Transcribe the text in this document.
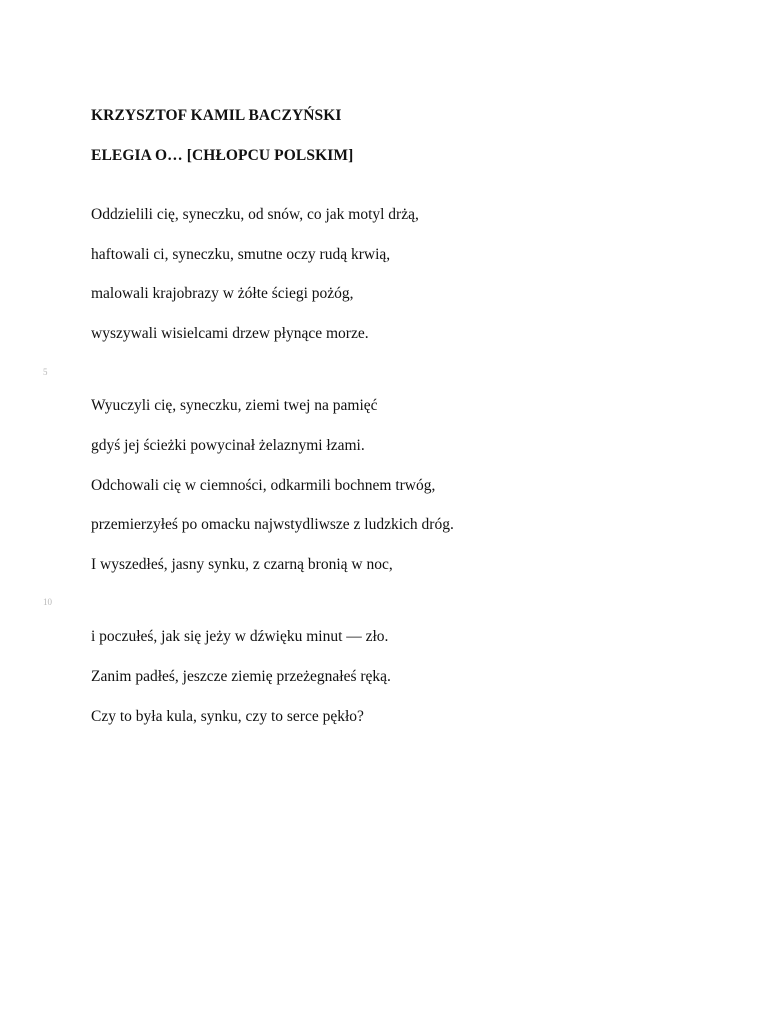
KRZYSZTOF KAMIL BACZYŃSKI
ELEGIA O… [CHŁOPCU POLSKIM]
Oddzielili cię, syneczku, od snów, co jak motyl drżą,
haftowali ci, syneczku, smutne oczy rudą krwią,
malowali krajobrazy w żółte ściegi pożóg,
wyszywali wisielcami drzew płynące morze.
5
Wyuczyli cię, syneczku, ziemi twej na pamięć
gdyś jej ścieżki powycinał żelaznymi łzami.
Odchowali cię w ciemności, odkarmili bochnem trwóg,
przemierzyłeś po omacku najwstydliwsze z ludzkich dróg.
I wyszedłeś, jasny synku, z czarną bronią w noc,
10
i poczułeś, jak się jeży w dźwięku minut — zło.
Zanim padłeś, jeszcze ziemię przeżegnałeś ręką.
Czy to była kula, synku, czy to serce pękło?
